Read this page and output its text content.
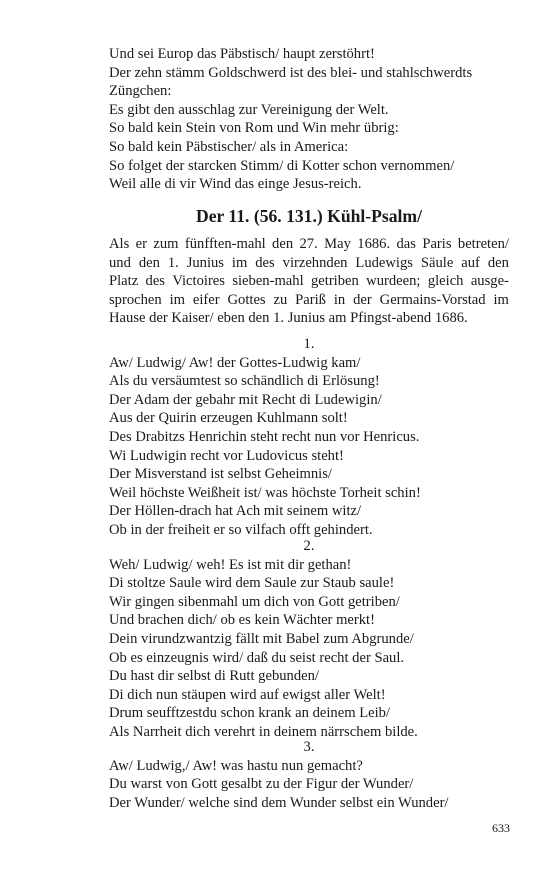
Und sei Europ das Päbstisch/ haupt zerstöhrt!
Der zehn stämm Goldschwerd ist des blei- und stahlschwerdts
Züngchen:
Es gibt den ausschlag zur Vereinigung der Welt.
So bald kein Stein von Rom und Win mehr übrig:
So bald kein Päbstischer/ als in America:
So folget der starcken Stimm/ di Kotter schon vernommen/
Weil alle di vir Wind das einge Jesus-reich.
Der 11. (56. 131.) Kühl-Psalm/
Als er zum fünfften-mahl den 27. May 1686. das Paris betreten/
und den 1. Junius im des virzehnden Ludewigs Säule auf den
Platz des Victoires sieben-mahl getriben wurdeen; gleich ausge-
sprochen im eifer Gottes zu Pariß in der Germains-Vorstad im
Hause der Kaiser/ eben den 1. Junius am Pfingst-abend 1686.
1.
Aw/ Ludwig/ Aw! der Gottes-Ludwig kam/
Als du versäumtest so schändlich di Erlösung!
Der Adam der gebahr mit Recht di Ludewigin/
Aus der Quirin erzeugen Kuhlmann solt!
Des Drabitzs Henrichin steht recht nun vor Henricus.
Wi Ludwigin recht vor Ludovicus steht!
Der Misverstand ist selbst Geheimnis/
Weil höchste Weißheit ist/ was höchste Torheit schin!
Der Höllen-drach hat Ach mit seinem witz/
Ob in der freiheit er so vilfach offt gehindert.
2.
Weh/ Ludwig/ weh! Es ist mit dir gethan!
Di stoltze Saule wird dem Saule zur Staub saule!
Wir gingen sibenmahl um dich von Gott getriben/
Und brachen dich/ ob es kein Wächter merkt!
Dein virundzwantzig fällt mit Babel zum Abgrunde/
Ob es einzeugnis wird/ daß du seist recht der Saul.
Du hast dir selbst di Rutt gebunden/
Di dich nun stäupen wird auf ewigst aller Welt!
Drum seufftzestdu schon krank an deinem Leib/
Als Narrheit dich verehrt in deinem närrschem bilde.
3.
Aw/ Ludwig,/ Aw! was hastu nun gemacht?
Du warst von Gott gesalbt zu der Figur der Wunder/
Der Wunder/ welche sind dem Wunder selbst ein Wunder/
633
